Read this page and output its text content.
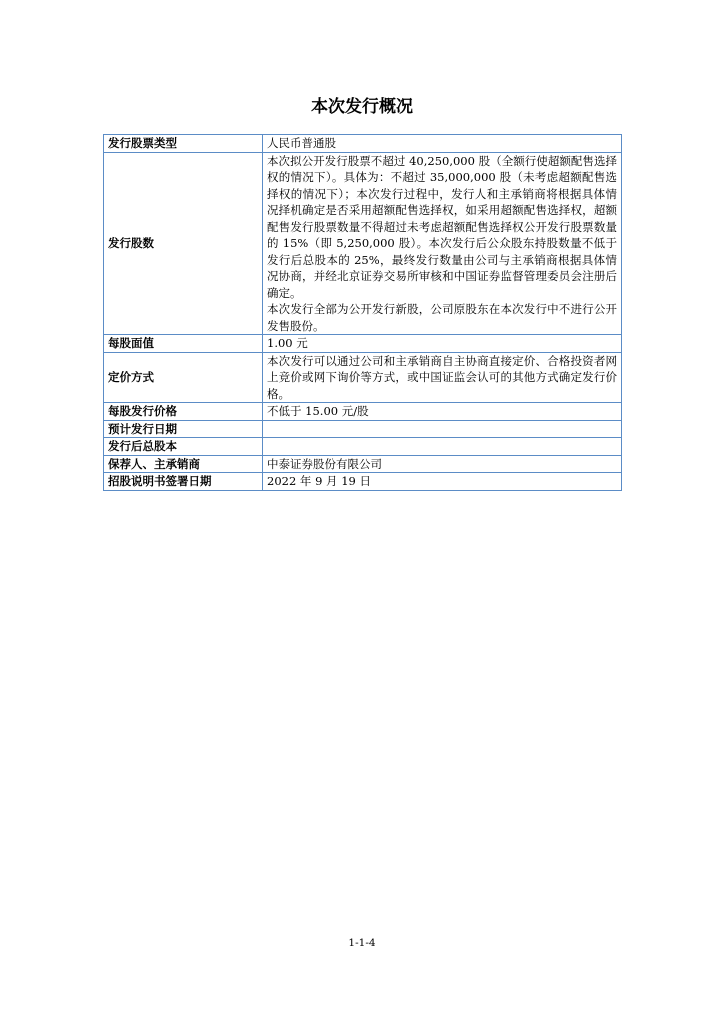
本次发行概况
发行股票类型	人民币普通股
发行股数	本次拟公开发行股票不超过 40,250,000 股（全额行使超额配售选择权的情况下）。具体为：不超过 35,000,000 股（未考虑超额配售选择权的情况下）；本次发行过程中，发行人和主承销商将根据具体情况择机确定是否采用超额配售选择权，如采用超额配售选择权，超额配售发行股票数量不得超过未考虑超额配售选择权公开发行股票数量的 15%（即 5,250,000 股）。本次发行后公众股东持股数量不低于发行后总股本的 25%，最终发行数量由公司与主承销商根据具体情况协商，并经北京证券交易所审核和中国证券监督管理委员会注册后确定。
本次发行全部为公开发行新股，公司原股东在本次发行中不进行公开发售股份。

每股面值	1.00 元
定价方式	本次发行可以通过公司和主承销商自主协商直接定价、合格投资者网上竞价或网下询价等方式，或中国证监会认可的其他方式确定发行价格。
每股发行价格	不低于 15.00 元/股
预计发行日期	
发行后总股本	
保荐人、主承销商	中泰证券股份有限公司
招股说明书签署日期	2022 年 9 月 19 日
1-1-4
